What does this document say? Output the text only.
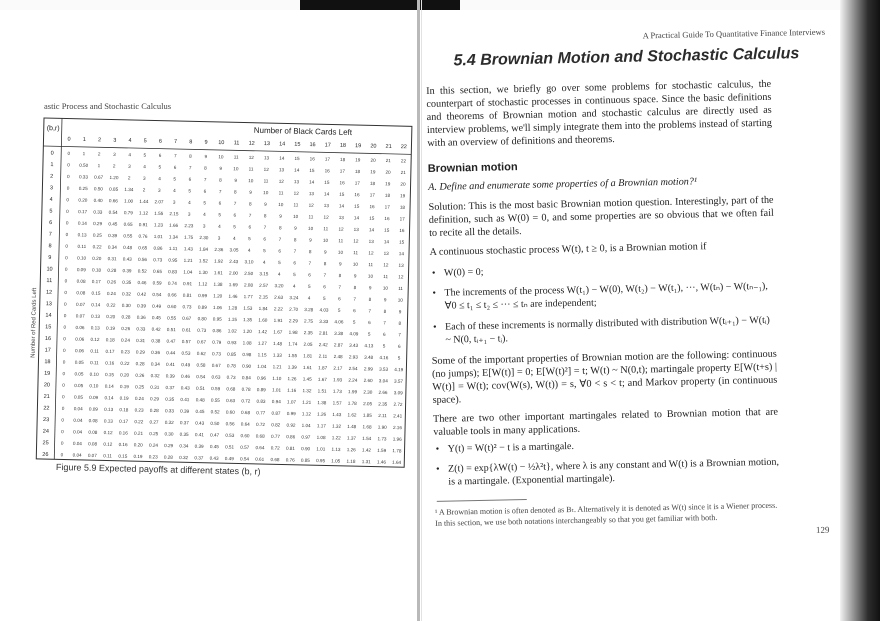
astic Process and Stochastic Calculus
(b,r)	Number of Black Cards Left
Number of Red Cards Left
0 1 2 3 4 5 6 7 8 9 10 11 12 13 14 15 16 17 18 19 20 21 22
0	0	1	2	3	4	5	6	7	8	9 10 11 12 13 14 15 16 17 18 19 20 21 22
1	0 0.50 1	2	3	4	5	6	7	8	9 10 11 12 13 14 15 16 17 18 19 20 21
2	0 0.33 0.67 1.20 2	3	4	5	6	7	8	9 10 11 12 13 14 15 16 17 18 19 20
3	0 0.25 0.50 0.85 1.34 2	3	4	5	6	7	8	9 10 11 12 13 14 15 16 17 18 19
4	0 0.20 0.40 0.66 1.00 1.44 2.07 3	4	5	6	7	8	9 10 11 12 13 14 15 16 17 18
5	0 0.17 0.33 0.54 0.79 1.12 1.55 2.15 3	4	5	6	7	8	9 10 11 12 13 14 15 16 17
6	0 0.14 0.29 0.45 0.65 0.91 1.23 1.66 2.23 3	4	5	6	7	8	9 10 11 12 13 14 15 16
7	0 0.13 0.25 0.39 0.55 0.76 1.01 1.34 1.75 2.30 3	4	5	6	7	8	9 10 11 12 13 14 15
8	0 0.11 0.22 0.34 0.48 0.65 0.86 1.11 1.43 1.84 2.36 3.05 4	5	6	7	8	9 10 11 12 13 14
9	0 0.10 0.20 0.31 0.43 0.56 0.73 0.95 1.21 1.52 1.92 2.43 3.10 4	5	6	7	8	9 10 11 12 13
10	0 0.09 0.18 0.28 0.39 0.52 0.65 0.83 1.04 1.30 1.61 2.00 2.50 3.15 4	5	6	7	8	9 10 11 12
11	0 0.08 0.17 0.26 0.35 0.46 0.59 0.74 0.91 1.12 1.38 1.69 2.08 2.57 3.20 4	5	6	7	8	9 10 11
12	0 0.08 0.15 0.24 0.32 0.42 0.54 0.66 0.81 0.99 1.20 1.46 1.77 2.15 2.63 3.24 4	5	6	7	8	9 10
13	0 0.07 0.14 0.22 0.30 0.39 0.49 0.60 0.73 0.89 1.06 1.28 1.53 1.84 2.22 2.70 3.28 4.03 5	6	7	8	9
14	0 0.07 0.13 0.20 0.28 0.36 0.45 0.55 0.67 0.80 0.95 1.15 1.35 1.60 1.91 2.29 2.75 3.33 4.06 5	6	7	8
15	0 0.06 0.13 0.19 0.26 0.33 0.42 0.51 0.61 0.73 0.86 1.02 1.20 1.42 1.67 1.98 2.35 2.81 3.38 4.09 5	6	7
16	0 0.06 0.12 0.18 0.24 0.31 0.38 0.47 0.57 0.67 0.79 0.93 1.08 1.27 1.48 1.74 2.05 2.42 2.87 3.43 4.13 5	6
17	0 0.06 0.11 0.17 0.23 0.29 0.36 0.44 0.53 0.62 0.73 0.85 0.98 1.15 1.33 1.55 1.81 2.11 2.48 2.93 3.48 4.16 5
18	0 0.05 0.11 0.16 0.22 0.28 0.34 0.41 0.49 0.58 0.67 0.78 0.90 1.04 1.21 1.39 1.61 1.87 2.17 2.54 2.99 3.53 4.19
19	0 0.05 0.10 0.15 0.20 0.26 0.32 0.39 0.46 0.54 0.63 0.73 0.84 0.96 1.10 1.26 1.45 1.67 1.93 2.24 2.60 3.04 3.57
20	0 0.05 0.10 0.14 0.19 0.25 0.31 0.37 0.43 0.51 0.59 0.68 0.78 0.89 1.01 1.16 1.32 1.51 1.73 1.99 2.30 2.66 3.09
21	0 0.05 0.09 0.14 0.19 0.24 0.29 0.35 0.41 0.48 0.55 0.63 0.72 0.83 0.94 1.07 1.21 1.38 1.57 1.78 2.05 2.35 2.72
22	0 0.04 0.09 0.13 0.18 0.23 0.28 0.33 0.39 0.45 0.52 0.60 0.68 0.77 0.87 0.99 1.12 1.26 1.43 1.62 1.85 2.11 2.41
23	0 0.04 0.08 0.13 0.17 0.22 0.27 0.32 0.37 0.43 0.50 0.56 0.64 0.72 0.82 0.92 1.04 1.17 1.32 1.48 1.68 1.90 2.16
24	0 0.04 0.08 0.12 0.16 0.21 0.25 0.30 0.35 0.41 0.47 0.53 0.60 0.68 0.77 0.86 0.97 1.08 1.22 1.37 1.54 1.73 1.96
25	0 0.04 0.08 0.12 0.16 0.20 0.24 0.29 0.34 0.39 0.45 0.51 0.57 0.64 0.72 0.81 0.90 1.01 1.13 1.26 1.42 1.59 1.78
26	0 0.04 0.07 0.11 0.15 0.19 0.23 0.28 0.32 0.37 0.43 0.49 0.54 0.61 0.68 0.76 0.85 0.95 1.05 1.18 1.31 1.46 1.64
Figure 5.9 Expected payoffs at different states (b, r)
A Practical Guide To Quantitative Finance Interviews
5.4 Brownian Motion and Stochastic Calculus
In this section, we briefly go over some problems for stochastic calculus, the counterpart of stochastic processes in continuous space. Since the basic definitions and theorems of Brownian motion and stochastic calculus are directly used as interview problems, we'll simply integrate them into the problems instead of starting with an overview of definitions and theorems.
Brownian motion
A. Define and enumerate some properties of a Brownian motion?¹
Solution: This is the most basic Brownian motion question. Interestingly, part of the definition, such as W(0) = 0, and some properties are so obvious that we often fail to recite all the details.
A continuous stochastic process W(t), t ≥ 0, is a Brownian motion if
• W(0) = 0;
• The increments of the process W(t₁) − W(0), W(t₂) − W(t₁), ···, W(tₙ) − W(tₙ₋₁), ∀0 ≤ t₁ ≤ t₂ ≤ ··· ≤ tₙ are independent;
• Each of these increments is normally distributed with distribution W(tᵢ₊₁) − W(tᵢ) ~ N(0, tᵢ₊₁ − tᵢ).
Some of the important properties of Brownian motion are the following: continuous (no jumps); E[W(t)] = 0; E[W(t)²] = t; W(t) ~ N(0,t); martingale property E[W(t+s) | W(t)] = W(t); cov(W(s), W(t)) = s, ∀0 < s < t; and Markov property (in continuous space).
There are two other important martingales related to Brownian motion that are valuable tools in many applications.
• Y(t) = W(t)² − t is a martingale.
• Z(t) = exp{λW(t) − ½λ²t}, where λ is any constant and W(t) is a Brownian motion, is a martingale. (Exponential martingale).
¹ A Brownian motion is often denoted as Bₜ. Alternatively it is denoted as W(t) since it is a Wiener process. In this section, we use both notations interchangeably so that you get familiar with both.
129
